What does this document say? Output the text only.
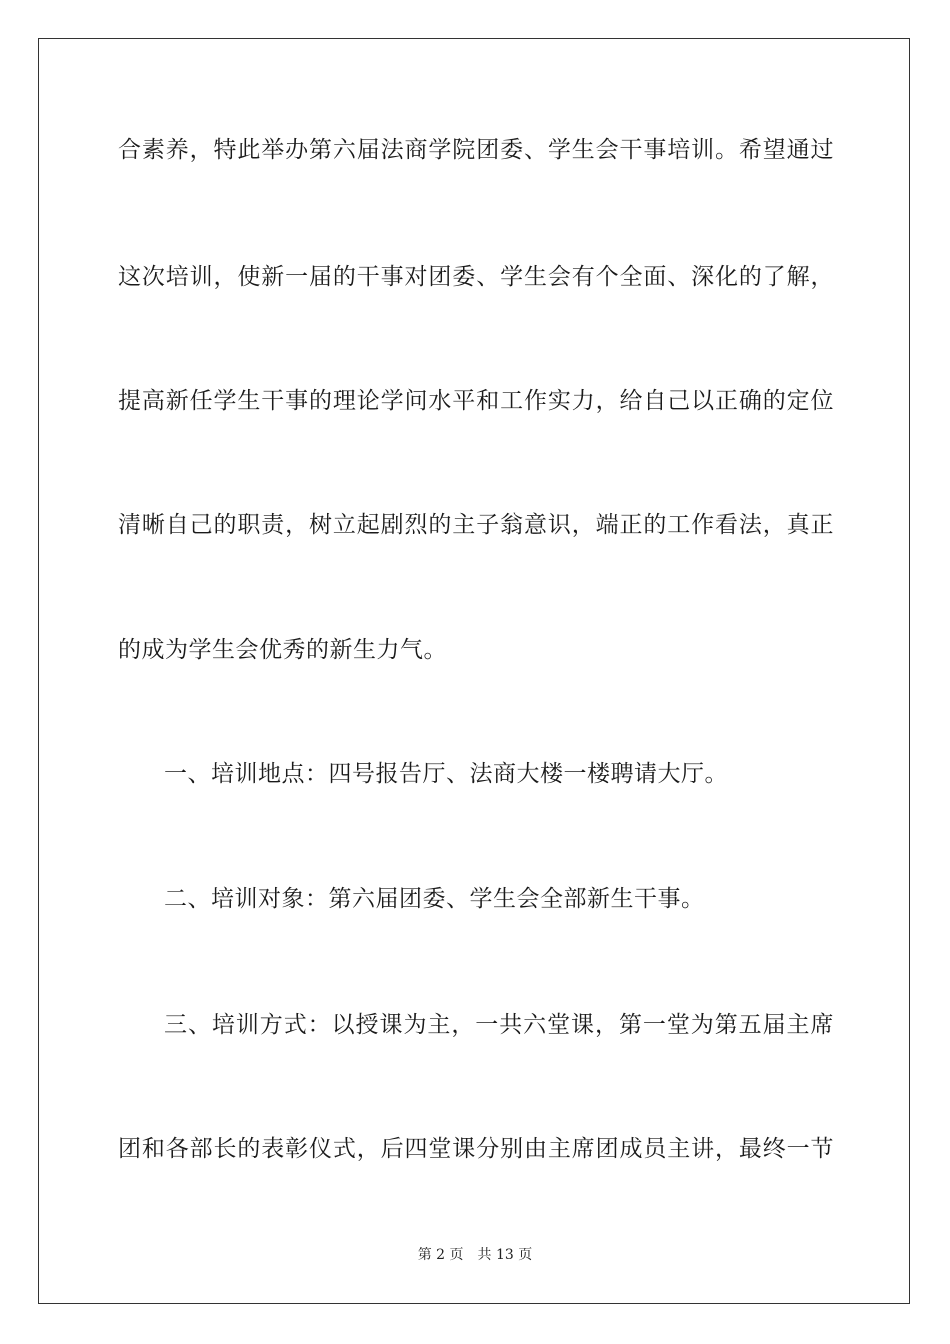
合素养，特此举办第六届法商学院团委、学生会干事培训。希望通过
这次培训，使新一届的干事对团委、学生会有个全面、深化的了解，
提高新任学生干事的理论学问水平和工作实力，给自己以正确的定位
清晰自己的职责，树立起剧烈的主子翁意识，端正的工作看法，真正
的成为学生会优秀的新生力气。
一、培训地点：四号报告厅、法商大楼一楼聘请大厅。
二、培训对象：第六届团委、学生会全部新生干事。
三、培训方式：以授课为主，一共六堂课，第一堂为第五届主席
团和各部长的表彰仪式，后四堂课分别由主席团成员主讲，最终一节
第 2 页　共 13 页
